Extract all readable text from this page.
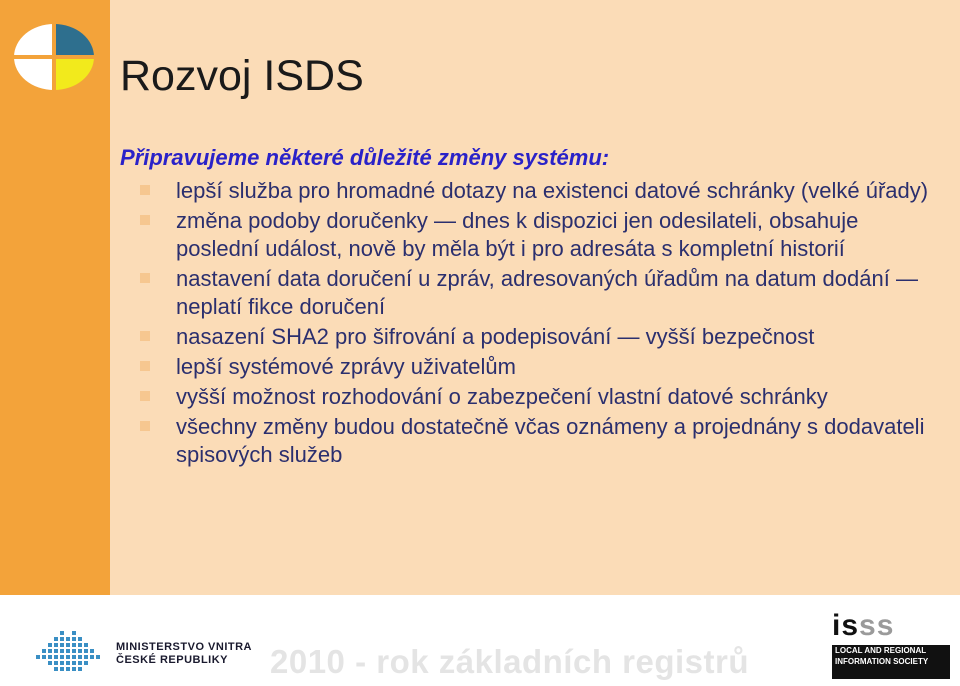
Rozvoj ISDS

Připravujeme některé důležité změny systému:

lepší služba pro hromadné dotazy na existenci datové schránky (velké úřady)
změna podoby doručenky — dnes k dispozici jen odesilateli, obsahuje poslední událost, nově by měla být i pro adresáta s kompletní historií
nastavení data doručení u zpráv, adresovaných úřadům na datum dodání — neplatí fikce doručení
nasazení SHA2 pro šifrování a podepisování — vyšší bezpečnost
lepší systémové zprávy uživatelům
vyšší možnost rozhodování o zabezpečení vlastní datové schránky
všechny změny budou dostatečně včas oznámeny a projednány s dodavateli spisových služeb
MINISTERSTVO VNITRA
ČESKÉ REPUBLIKY	2010 - rok základních registrů
isss
LOCAL AND REGIONAL
INFORMATION SOCIETY
